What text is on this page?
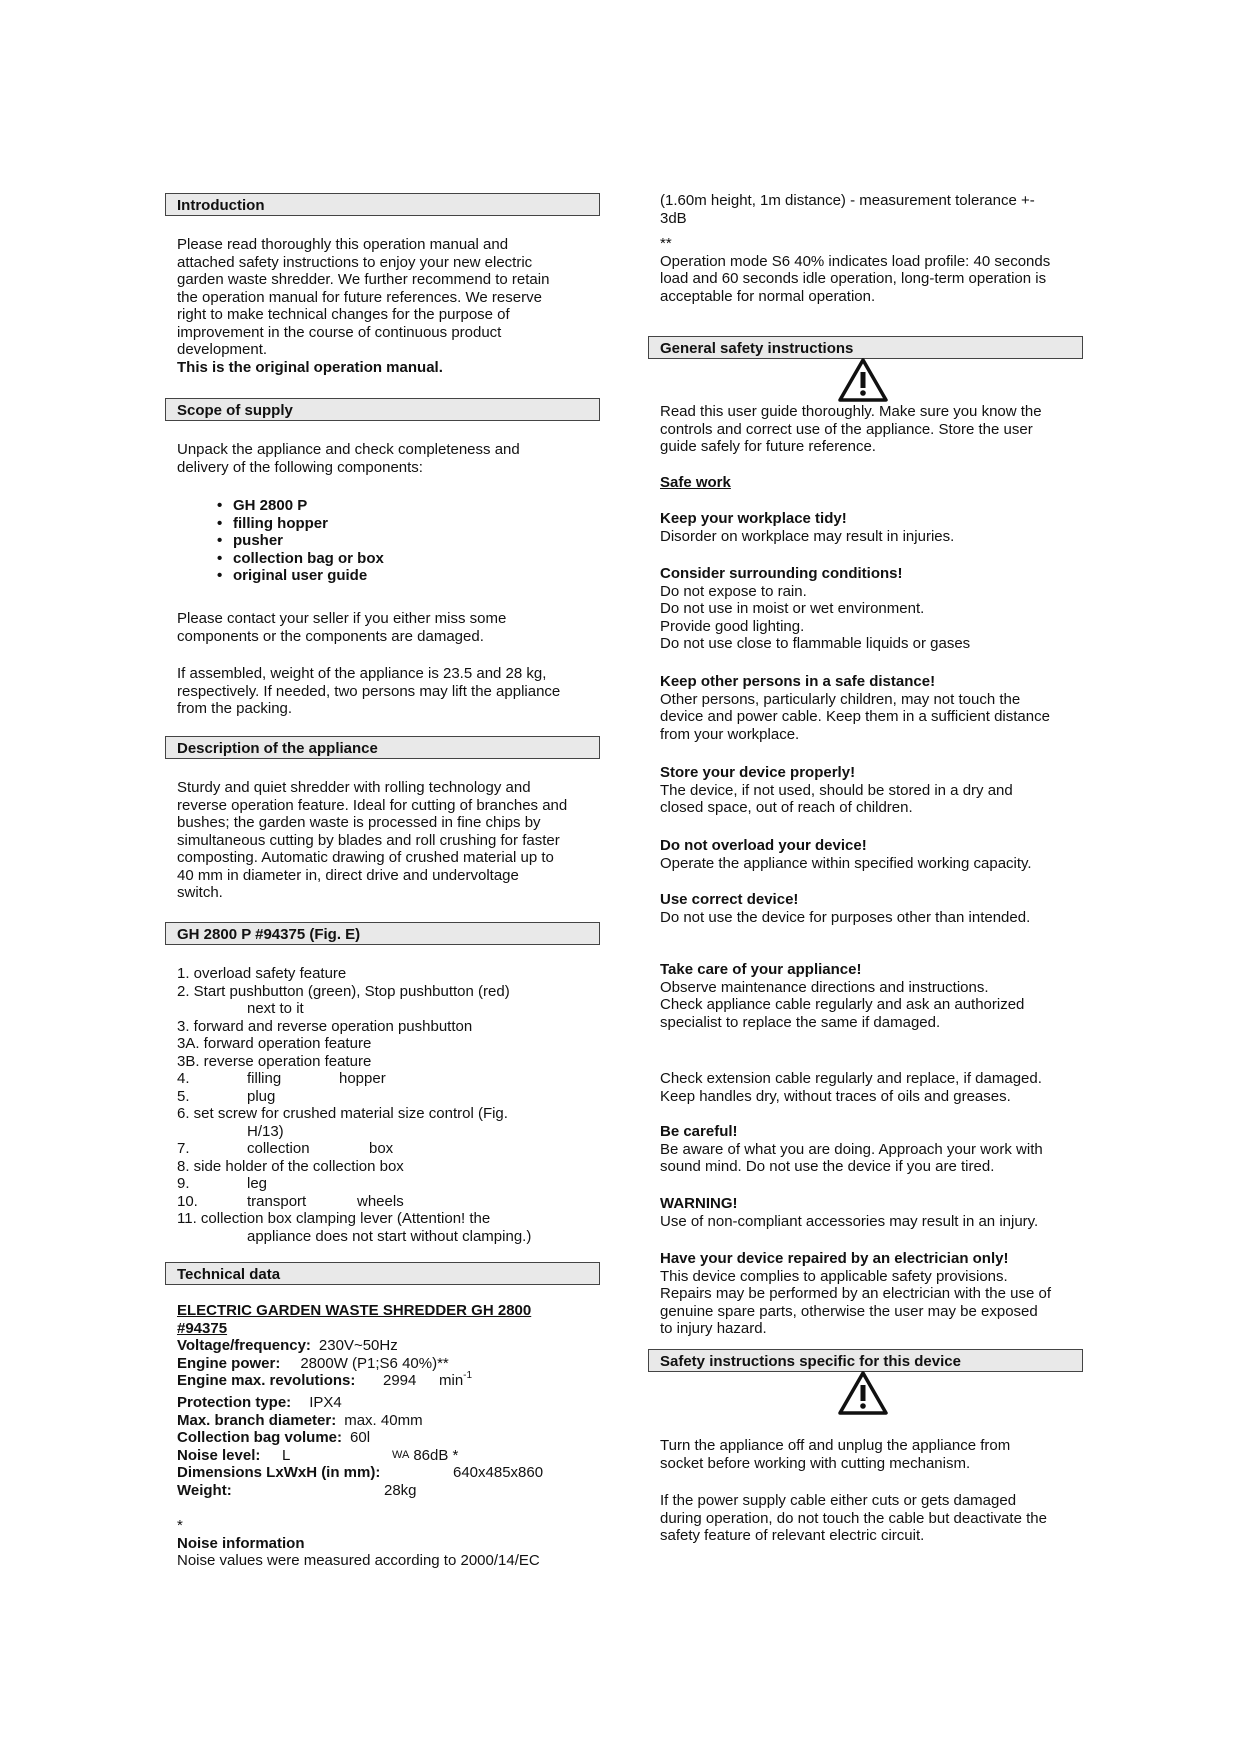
Introduction

Please read thoroughly this operation manual and

attached safety instructions to enjoy your new electric

garden waste shredder. We further recommend to retain

the operation manual for future references. We reserve

right to make technical changes for the purpose of

improvement in the course of continuous product

development.

This is the original operation manual.

Scope of supply

Unpack the appliance and check completeness and

delivery of the following components:

• GH 2800 P
• filling hopper
• pusher
• collection bag or box
• original user guide

Please contact your seller if you either miss some

components or the components are damaged.

If assembled, weight of the appliance is 23.5 and 28 kg,

respectively. If needed, two persons may lift the appliance

from the packing.

Description of the appliance

Sturdy and quiet shredder with rolling technology and

reverse operation feature. Ideal for cutting of branches and

bushes; the garden waste is processed in fine chips by

simultaneous cutting by blades and roll crushing for faster

composting. Automatic drawing of crushed material up to

40 mm in diameter in, direct drive and undervoltage

switch.

GH 2800 P #94375 (Fig. E)

1. overload safety feature

2. Start pushbutton (green), Stop pushbutton (red)

next to it

3. forward and reverse operation pushbutton

3A. forward operation feature

3B. reverse operation feature

4.	filling	hopper
5.	plug

6. set screw for crushed material size control (Fig.

H/13)

7.	collection	box

8. side holder of the collection box

9.	leg
10.	transport	wheels

11. collection box clamping lever (Attention! the

appliance does not start without clamping.)

Technical data

ELECTRIC GARDEN WASTE SHREDDER GH 2800

#94375

Voltage/frequency: 230V~50Hz
Engine power: 2800W (P1;S6 40%)**
Engine max. revolutions:	2994	min -1
Protection type: IPX4
Max. branch diameter: max. 40mm
Collection bag volume: 60l
Noise level:	L	WA 86dB *
Dimensions LxWxH (in mm):	640x485x860
Weight:	28kg

*

Noise information

Noise values were measured according to 2000/14/EC

(1.60m height, 1m distance) - measurement tolerance +-

3dB

**

Operation mode S6 40% indicates load profile: 40 seconds

load and 60 seconds idle operation, long-term operation is

acceptable for normal operation.

General safety instructions

Read this user guide thoroughly. Make sure you know the

controls and correct use of the appliance. Store the user

guide safely for future reference.

Safe work

Keep your workplace tidy!

Disorder on workplace may result in injuries.

Consider surrounding conditions!

Do not expose to rain.

Do not use in moist or wet environment.

Provide good lighting.

Do not use close to flammable liquids or gases

Keep other persons in a safe distance!

Other persons, particularly children, may not touch the

device and power cable. Keep them in a sufficient distance

from your workplace.

Store your device properly!

The device, if not used, should be stored in a dry and

closed space, out of reach of children.

Do not overload your device!

Operate the appliance within specified working capacity.

Use correct device!

Do not use the device for purposes other than intended.

Take care of your appliance!

Observe maintenance directions and instructions.

Check appliance cable regularly and ask an authorized

specialist to replace the same if damaged.

Check extension cable regularly and replace, if damaged.

Keep handles dry, without traces of oils and greases.

Be careful!

Be aware of what you are doing. Approach your work with

sound mind. Do not use the device if you are tired.

WARNING!

Use of non-compliant accessories may result in an injury.

Have your device repaired by an electrician only!

This device complies to applicable safety provisions.

Repairs may be performed by an electrician with the use of

genuine spare parts, otherwise the user may be exposed

to injury hazard.

Safety instructions specific for this device

Turn the appliance off and unplug the appliance from

socket before working with cutting mechanism.

If the power supply cable either cuts or gets damaged

during operation, do not touch the cable but deactivate the

safety feature of relevant electric circuit.
